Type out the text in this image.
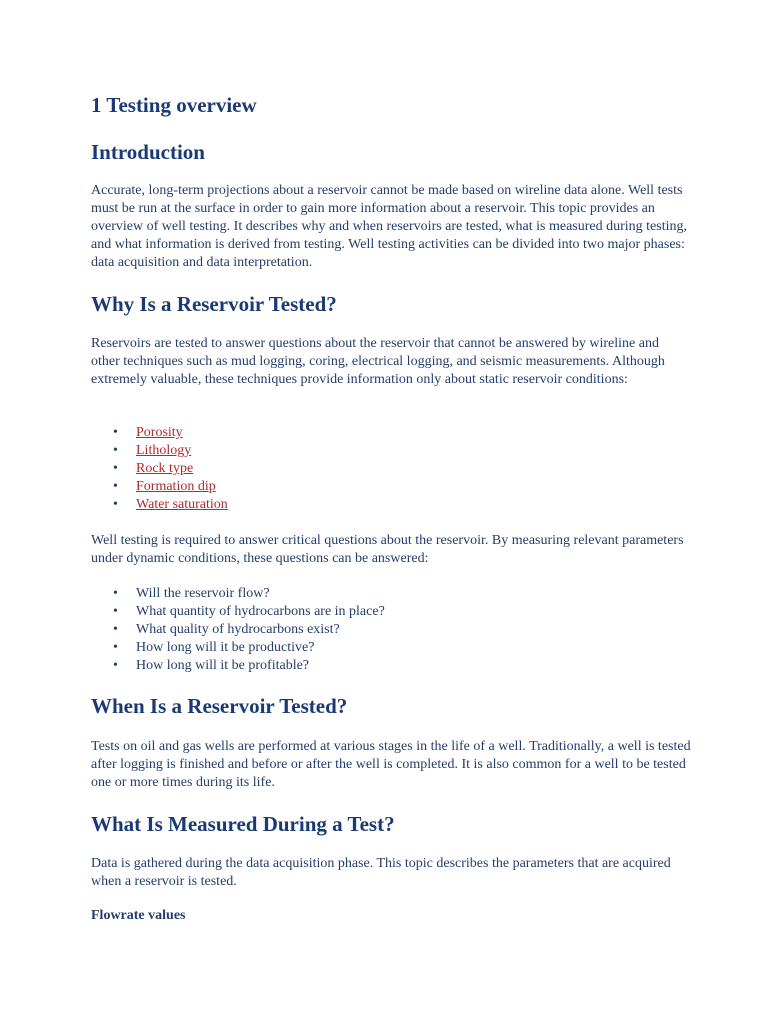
1 Testing overview
Introduction

Accurate, long-term projections about a reservoir cannot be made based on wireline data alone. Well tests must be run at the surface in order to gain more information about a reservoir. This topic provides an overview of well testing. It describes why and when reservoirs are tested, what is measured during testing, and what information is derived from testing. Well testing activities can be divided into two major phases: data acquisition and data interpretation.

Why Is a Reservoir Tested?

Reservoirs are tested to answer questions about the reservoir that cannot be answered by wireline and other techniques such as mud logging, coring, electrical logging, and seismic measurements. Although extremely valuable, these techniques provide information only about static reservoir conditions:

• Porosity
• Lithology
• Rock type
• Formation dip
• Water saturation

Well testing is required to answer critical questions about the reservoir. By measuring relevant parameters under dynamic conditions, these questions can be answered:

• Will the reservoir flow?
• What quantity of hydrocarbons are in place?
• What quality of hydrocarbons exist?
• How long will it be productive?
• How long will it be profitable?
When Is a Reservoir Tested?

Tests on oil and gas wells are performed at various stages in the life of a well. Traditionally, a well is tested after logging is finished and before or after the well is completed. It is also common for a well to be tested one or more times during its life.

What Is Measured During a Test?

Data is gathered during the data acquisition phase. This topic describes the parameters that are acquired when a reservoir is tested.

Flowrate values
